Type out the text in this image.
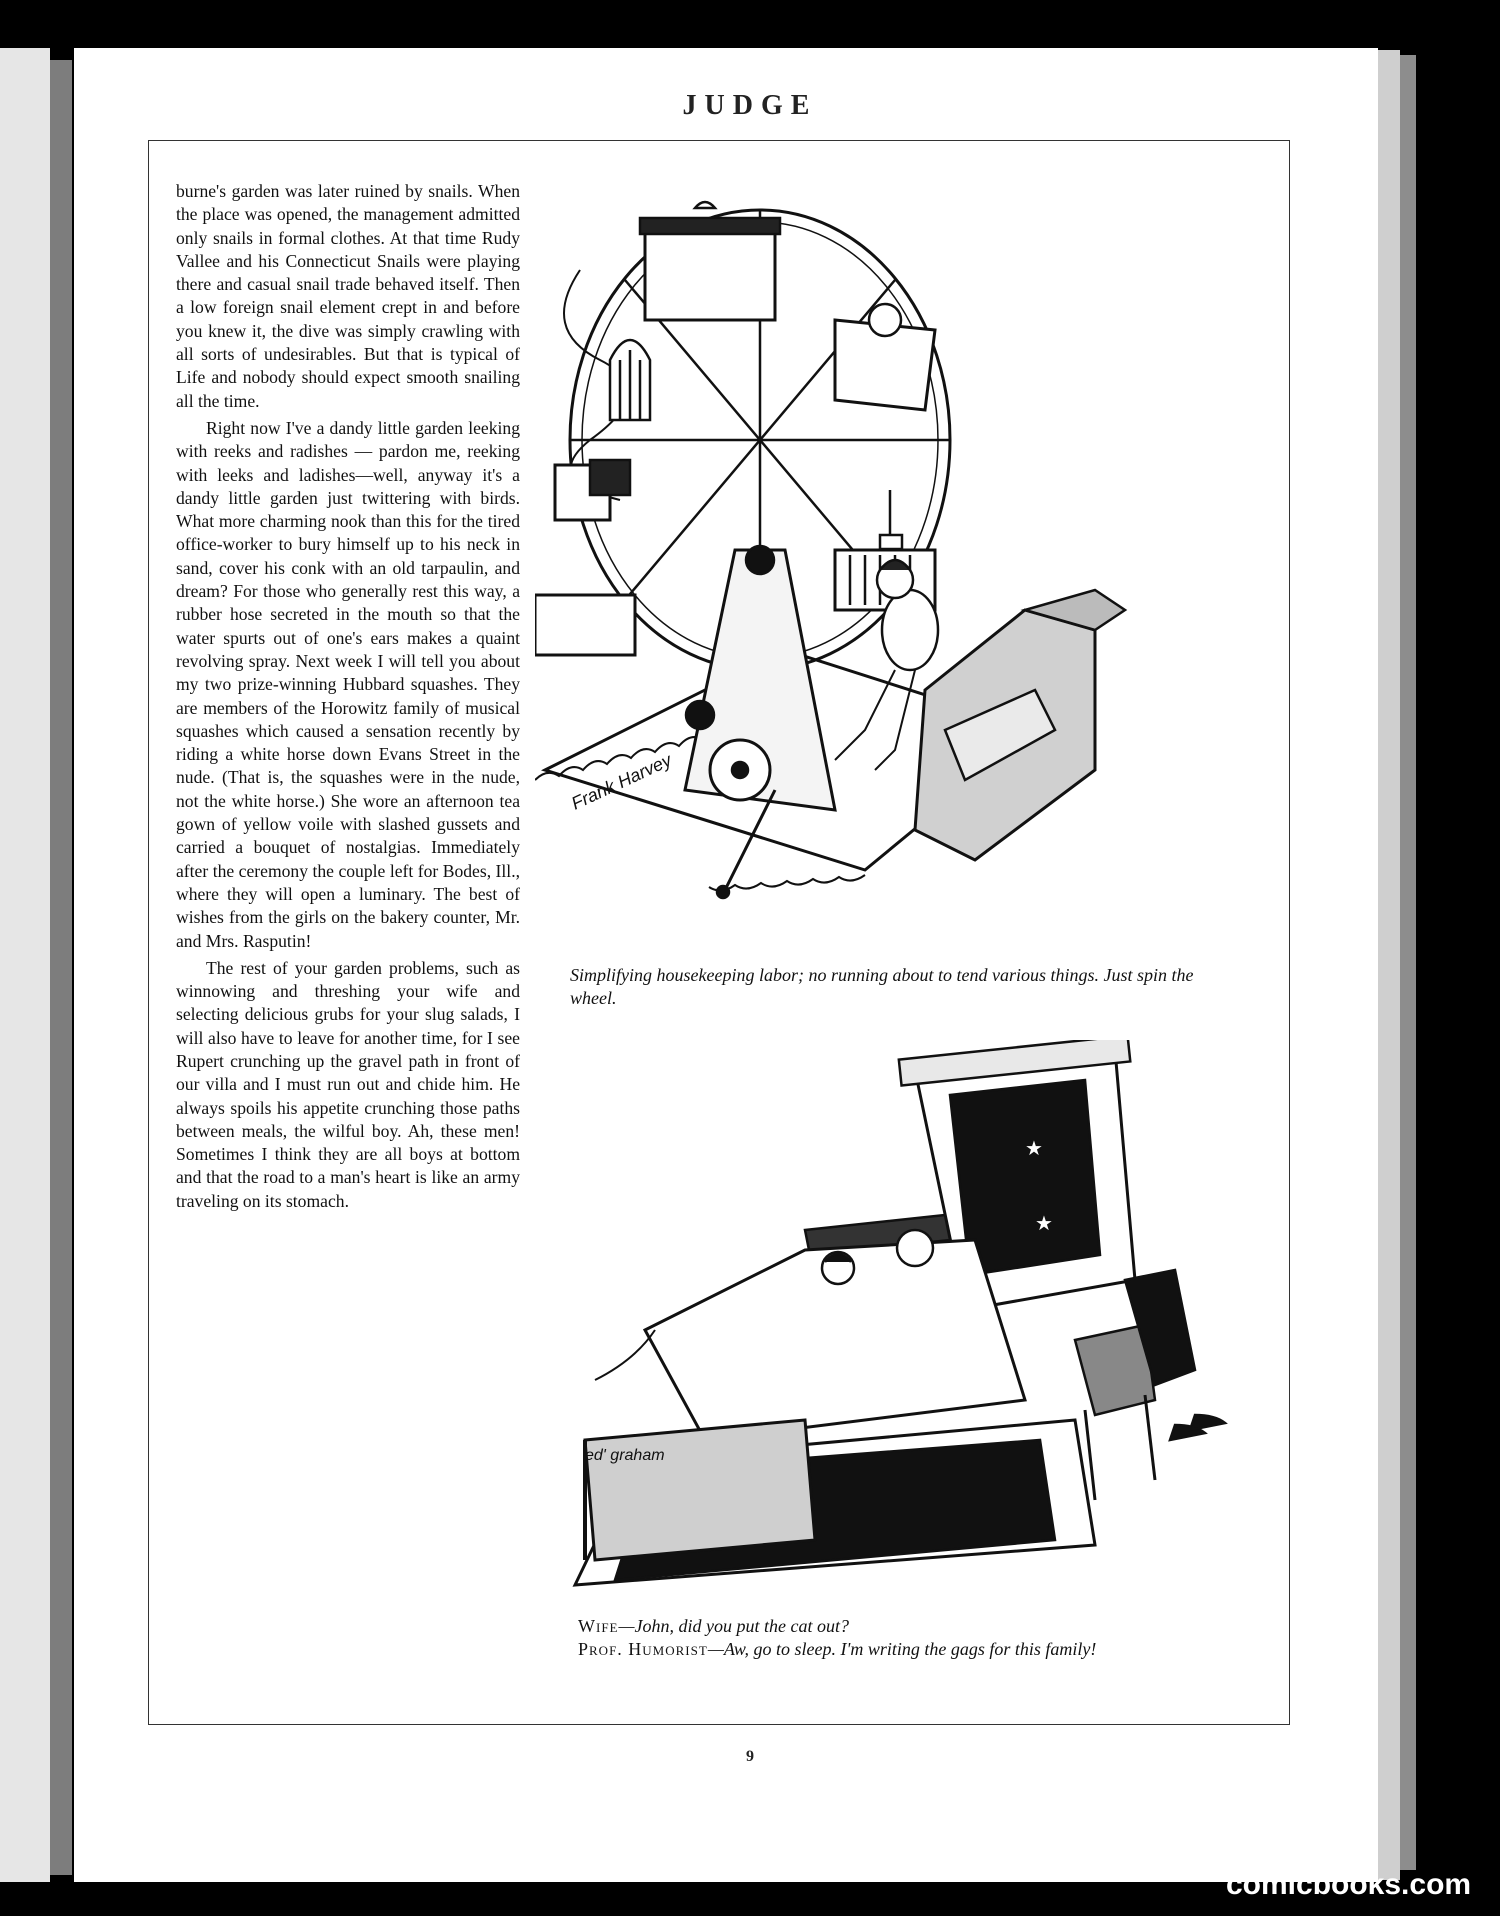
JUDGE

burne's garden was later ruined by snails. When the place was opened, the management admitted only snails in formal clothes. At that time Rudy Vallee and his Connecticut Snails were playing there and casual snail trade behaved itself. Then a low foreign snail element crept in and before you knew it, the dive was simply crawling with all sorts of undesirables. But that is typical of Life and nobody should expect smooth snailing all the time.

Right now I've a dandy little garden leeking with reeks and radishes — pardon me, reeking with leeks and ladishes—well, anyway it's a dandy little garden just twittering with birds. What more charming nook than this for the tired office-worker to bury himself up to his neck in sand, cover his conk with an old tarpaulin, and dream? For those who generally rest this way, a rubber hose secreted in the mouth so that the water spurts out of one's ears makes a quaint revolving spray. Next week I will tell you about my two prize-winning Hubbard squashes. They are members of the Horowitz family of musical squashes which caused a sensation recently by riding a white horse down Evans Street in the nude. (That is, the squashes were in the nude, not the white horse.) She wore an afternoon tea gown of yellow voile with slashed gussets and carried a bouquet of nostalgias. Immediately after the ceremony the couple left for Bodes, Ill., where they will open a luminary. The best of wishes from the girls on the bakery counter, Mr. and Mrs. Rasputin!

The rest of your garden problems, such as winnowing and threshing your wife and selecting delicious grubs for your slug salads, I will also have to leave for another time, for I see Rupert crunching up the gravel path in front of our villa and I must run out and chide him. He always spoils his appetite crunching those paths between meals, the wilful boy. Ah, these men! Sometimes I think they are all boys at bottom and that the road to a man's heart is like an army traveling on its stomach.

Frank Harvey
Simplifying housekeeping labor; no running about to tend various things. Just spin the wheel.
★
★
ed' graham
Wife—John, did you put the cat out?
Prof. Humorist—Aw, go to sleep. I'm writing the gags for this family!
9
comicbooks.com
